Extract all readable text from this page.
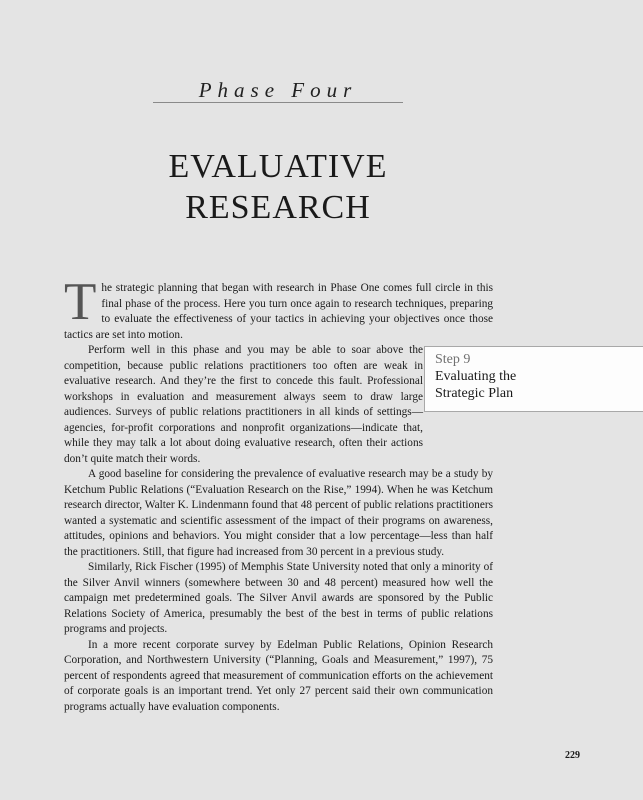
Phase Four
EVALUATIVE
RESEARCH
Step 9
Evaluating the Strategic Plan

The strategic planning that began with research in Phase One comes full circle in this final phase of the process. Here you turn once again to research techniques, preparing to evaluate the effectiveness of your tactics in achieving your objectives once those tactics are set into motion.

Perform well in this phase and you may be able to soar above the competition, because public relations practitioners too often are weak in evaluative research. And they’re the first to concede this fault. Professional workshops in evaluation and measurement always seem to draw large audiences. Surveys of public relations practitioners in all kinds of settings—agencies, for-profit corporations and nonprofit organizations—indicate that, while they may talk a lot about doing evaluative research, often their actions don’t quite match their words.

A good baseline for considering the prevalence of evaluative research may be a study by Ketchum Public Relations (“Evaluation Research on the Rise,” 1994). When he was Ketchum research director, Walter K. Lindenmann found that 48 percent of public relations practitioners wanted a systematic and scientific assessment of the impact of their programs on awareness, attitudes, opinions and behaviors. You might consider that a low percentage—less than half the practitioners. Still, that figure had increased from 30 percent in a previous study.

Similarly, Rick Fischer (1995) of Memphis State University noted that only a minority of the Silver Anvil winners (somewhere between 30 and 48 percent) measured how well the campaign met predetermined goals. The Silver Anvil awards are sponsored by the Public Relations Society of America, presumably the best of the best in terms of public relations programs and projects.

In a more recent corporate survey by Edelman Public Relations, Opinion Research Corporation, and Northwestern University (“Planning, Goals and Measurement,” 1997), 75 percent of respondents agreed that measurement of communication efforts on the achievement of corporate goals is an important trend. Yet only 27 percent said their own communication programs actually have evaluation components.

229
